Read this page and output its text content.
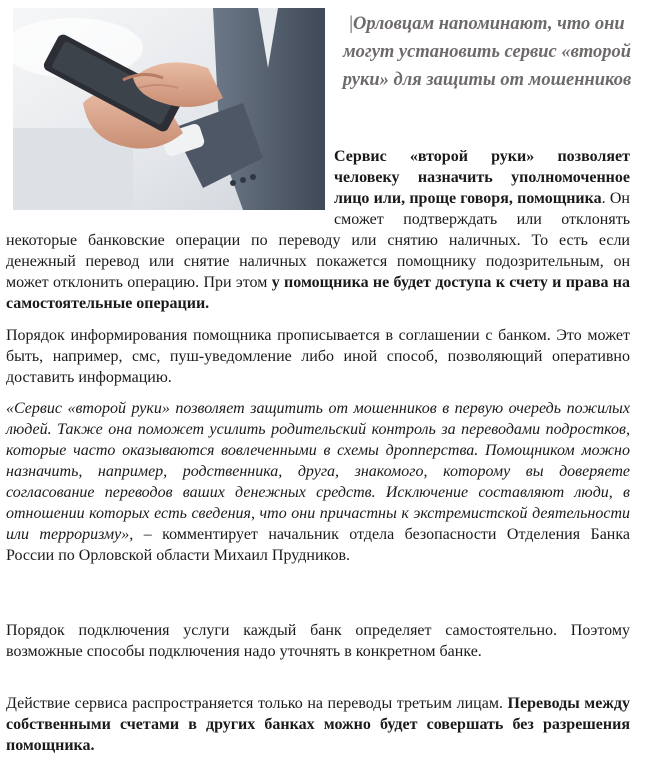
|Орловцам напоминают, что они могут установить сервис «второй руки» для защиты от мошенников

Сервис «второй руки» позволяет человеку назначить уполномоченное лицо или, проще говоря, помощника. Он сможет подтверждать или отклонять некоторые банковские операции по переводу или снятию наличных. То есть если денежный перевод или снятие наличных покажется помощнику подозрительным, он может отклонить операцию. При этом у помощника не будет доступа к счету и права на самостоятельные операции.

Порядок информирования помощника прописывается в соглашении с банком. Это может быть, например, смс, пуш-уведомление либо иной способ, позволяющий оперативно доставить информацию.

«Сервис «второй руки» позволяет защитить от мошенников в первую очередь пожилых людей. Также она поможет усилить родительский контроль за переводами подростков, которые часто оказываются вовлеченными в схемы дропперства. Помощником можно назначить, например, родственника, друга, знакомого, которому вы доверяете согласование переводов ваших денежных средств. Исключение составляют люди, в отношении которых есть сведения, что они причастны к экстремистской деятельности или терроризму», – комментирует начальник отдела безопасности Отделения Банка России по Орловской области Михаил Прудников.

Порядок подключения услуги каждый банк определяет самостоятельно. Поэтому возможные способы подключения надо уточнять в конкретном банке.

Действие сервиса распространяется только на переводы третьим лицам. Переводы между собственными счетами в других банках можно будет совершать без разрешения помощника.
